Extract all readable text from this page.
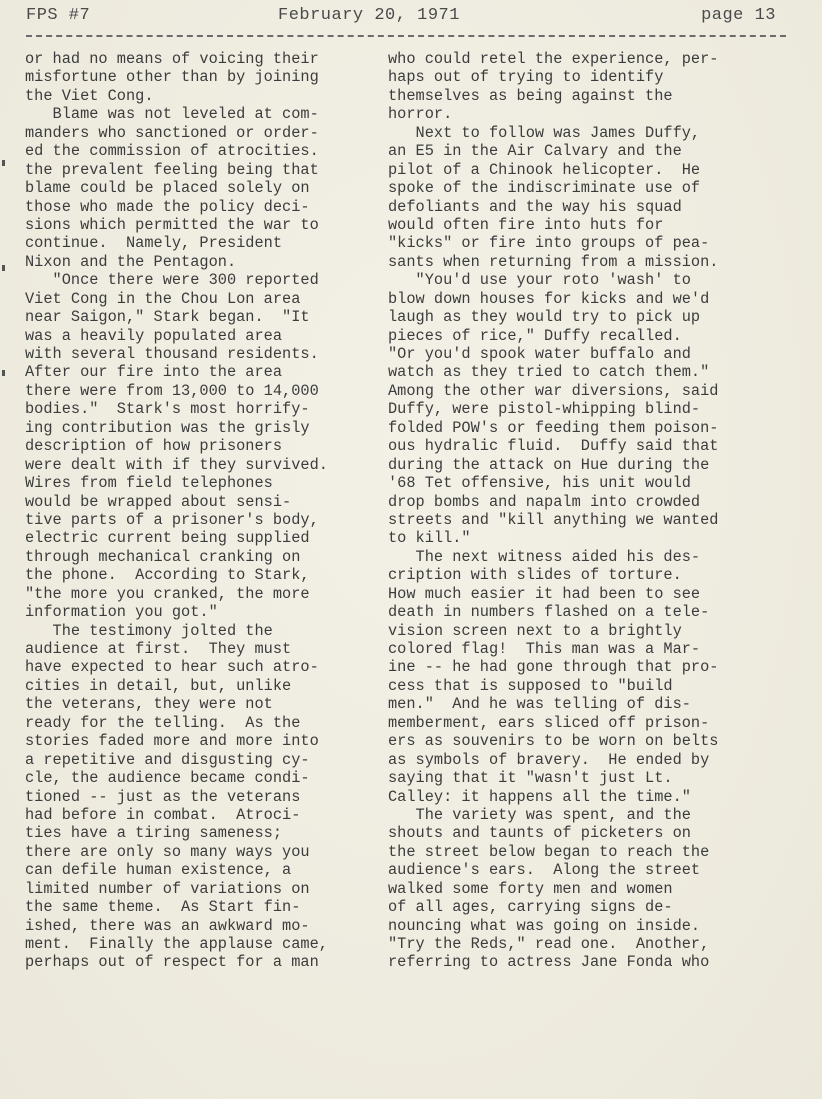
FPS #7	February 20, 1971	page 13
or had no means of voicing their
misfortune other than by joining
the Viet Cong.
Blame was not leveled at com-
manders who sanctioned or order-
ed the commission of atrocities.
the prevalent feeling being that
blame could be placed solely on
those who made the policy deci-
sions which permitted the war to
continue.  Namely, President
Nixon and the Pentagon.
"Once there were 300 reported
Viet Cong in the Chou Lon area
near Saigon," Stark began.  "It
was a heavily populated area
with several thousand residents.
After our fire into the area
there were from 13,000 to 14,000
bodies."  Stark's most horrify-
ing contribution was the grisly
description of how prisoners
were dealt with if they survived.
Wires from field telephones
would be wrapped about sensi-
tive parts of a prisoner's body,
electric current being supplied
through mechanical cranking on
the phone.  According to Stark,
"the more you cranked, the more
information you got."
The testimony jolted the
audience at first.  They must
have expected to hear such atro-
cities in detail, but, unlike
the veterans, they were not
ready for the telling.  As the
stories faded more and more into
a repetitive and disgusting cy-
cle, the audience became condi-
tioned -- just as the veterans
had before in combat.  Atroci-
ties have a tiring sameness;
there are only so many ways you
can defile human existence, a
limited number of variations on
the same theme.  As Start fin-
ished, there was an awkward mo-
ment.  Finally the applause came,
perhaps out of respect for a man
who could retel the experience, per-
haps out of trying to identify
themselves as being against the
horror.
Next to follow was James Duffy,
an E5 in the Air Calvary and the
pilot of a Chinook helicopter.  He
spoke of the indiscriminate use of
defoliants and the way his squad
would often fire into huts for
"kicks" or fire into groups of pea-
sants when returning from a mission.
"You'd use your roto 'wash' to
blow down houses for kicks and we'd
laugh as they would try to pick up
pieces of rice," Duffy recalled.
"Or you'd spook water buffalo and
watch as they tried to catch them."
Among the other war diversions, said
Duffy, were pistol-whipping blind-
folded POW's or feeding them poison-
ous hydralic fluid.  Duffy said that
during the attack on Hue during the
'68 Tet offensive, his unit would
drop bombs and napalm into crowded
streets and "kill anything we wanted
to kill."
The next witness aided his des-
cription with slides of torture.
How much easier it had been to see
death in numbers flashed on a tele-
vision screen next to a brightly
colored flag!  This man was a Mar-
ine -- he had gone through that pro-
cess that is supposed to "build
men."  And he was telling of dis-
memberment, ears sliced off prison-
ers as souvenirs to be worn on belts
as symbols of bravery.  He ended by
saying that it "wasn't just Lt.
Calley: it happens all the time."
The variety was spent, and the
shouts and taunts of picketers on
the street below began to reach the
audience's ears.  Along the street
walked some forty men and women
of all ages, carrying signs de-
nouncing what was going on inside.
"Try the Reds," read one.  Another,
referring to actress Jane Fonda who
